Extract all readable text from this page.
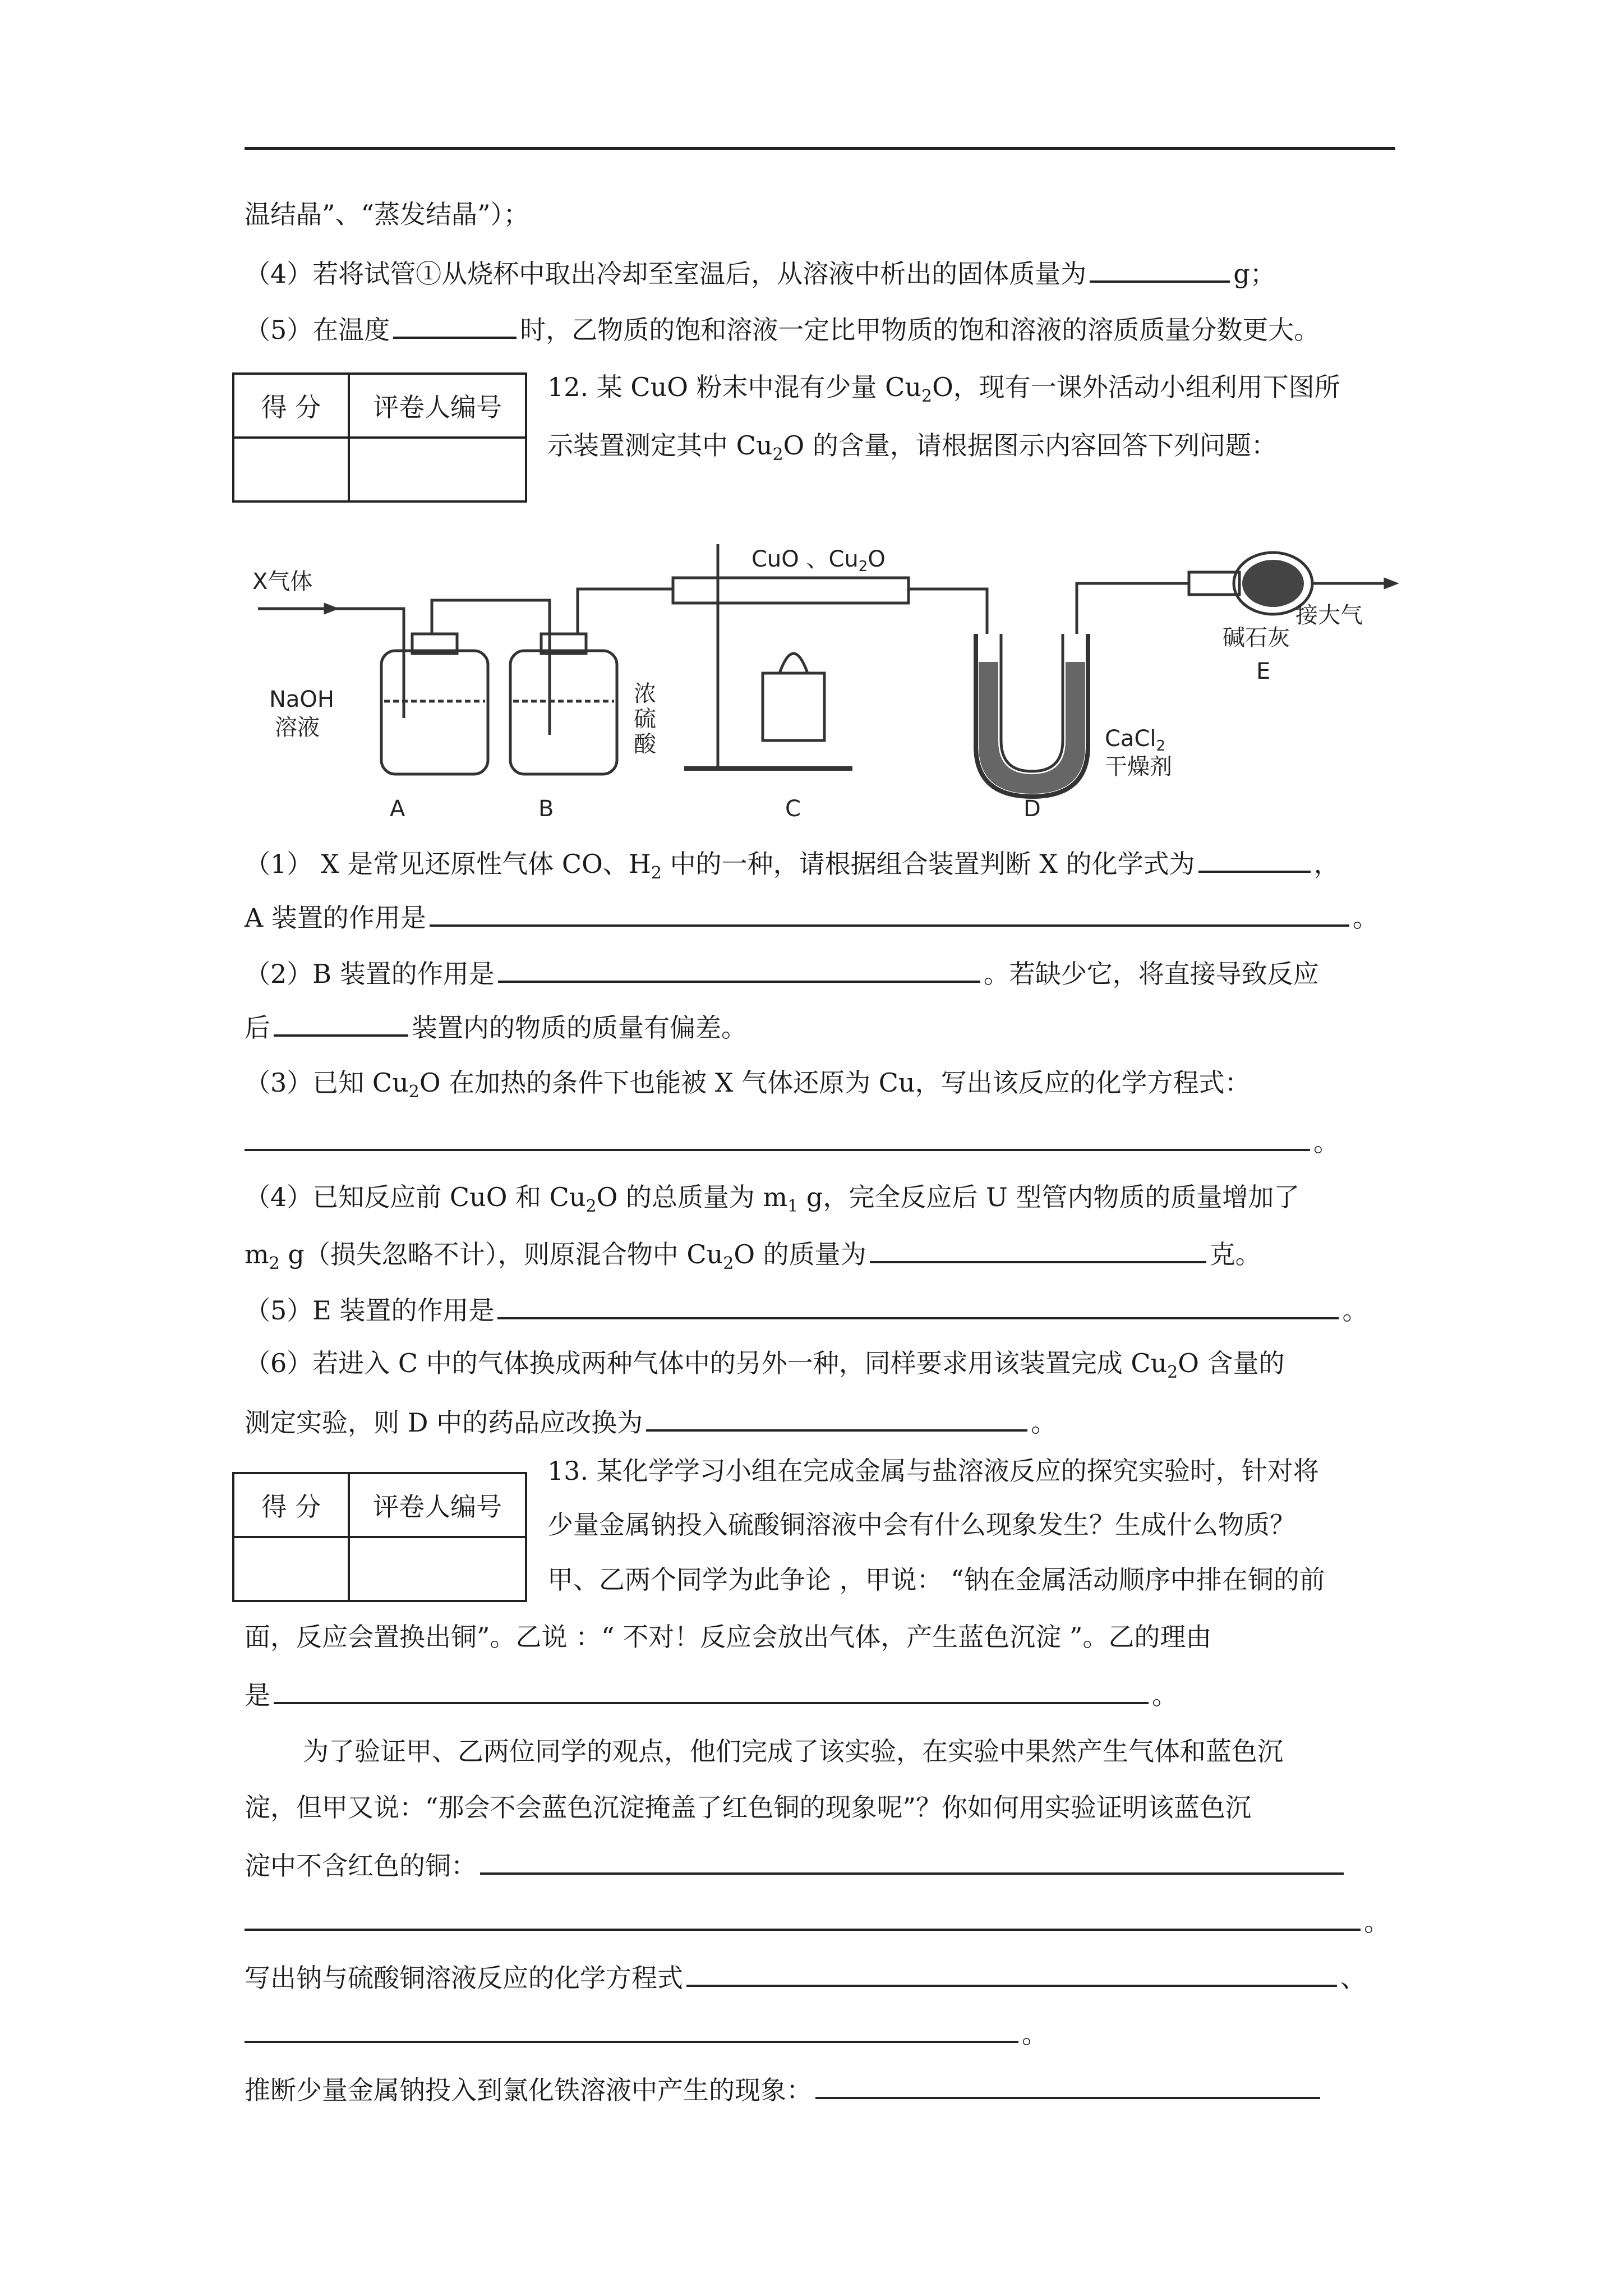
温结晶”、“蒸发结晶”）；
（4）若将试管①从烧杯中取出冷却至室温后，从溶液中析出的固体质量为	g；
（5）在温度	时，乙物质的饱和溶液一定比甲物质的饱和溶液的溶质质量分数更大。
得 分	评卷人编号

12. 某 CuO 粉末中混有少量 $Cu_2O$，现有一课外活动小组利用下图所
示装置测定其中 $Cu_2O$ 的含量，请根据图示内容回答下列问题：
X气体
NaOH
溶液
浓
硫
酸
CuO 、$Cu_2O$
CaCl$_2$
干燥剂
碱石灰
接大气
E
A	B	C	D
（1） X 是常见还原性气体 CO、$H_2$ 中的一种，请根据组合装置判断 X 的化学式为	，
A 装置的作用是	。
（2）B 装置的作用是	。若缺少它，将直接导致反应
后	装置内的物质的质量有偏差。
（3）已知 $Cu_2O$ 在加热的条件下也能被 X 气体还原为 Cu，写出该反应的化学方程式：
。
（4）已知反应前 CuO 和 $Cu_2O$ 的总质量为 $m_1$ g，完全反应后 U 型管内物质的质量增加了
$m_2$ g（损失忽略不计），则原混合物中 $Cu_2O$ 的质量为	克。
（5）E 装置的作用是	。
（6）若进入 C 中的气体换成两种气体中的另外一种，同样要求用该装置完成 $Cu_2O$ 含量的
测定实验，则 D 中的药品应改换为	。
得 分	评卷人编号

13. 某化学学习小组在完成金属与盐溶液反应的探究实验时，针对将
少量金属钠投入硫酸铜溶液中会有什么现象发生？生成什么物质？
甲、乙两个同学为此争论 ，甲说： “钠在金属活动顺序中排在铜的前
面，反应会置换出铜”。乙说 ：“ 不对！反应会放出气体，产生蓝色沉淀 ”。乙的理由
是	。
为了验证甲、乙两位同学的观点，他们完成了该实验，在实验中果然产生气体和蓝色沉
淀，但甲又说：“那会不会蓝色沉淀掩盖了红色铜的现象呢”？你如何用实验证明该蓝色沉
淀中不含红色的铜：
。
写出钠与硫酸铜溶液反应的化学方程式	、
。
推断少量金属钠投入到氯化铁溶液中产生的现象：
